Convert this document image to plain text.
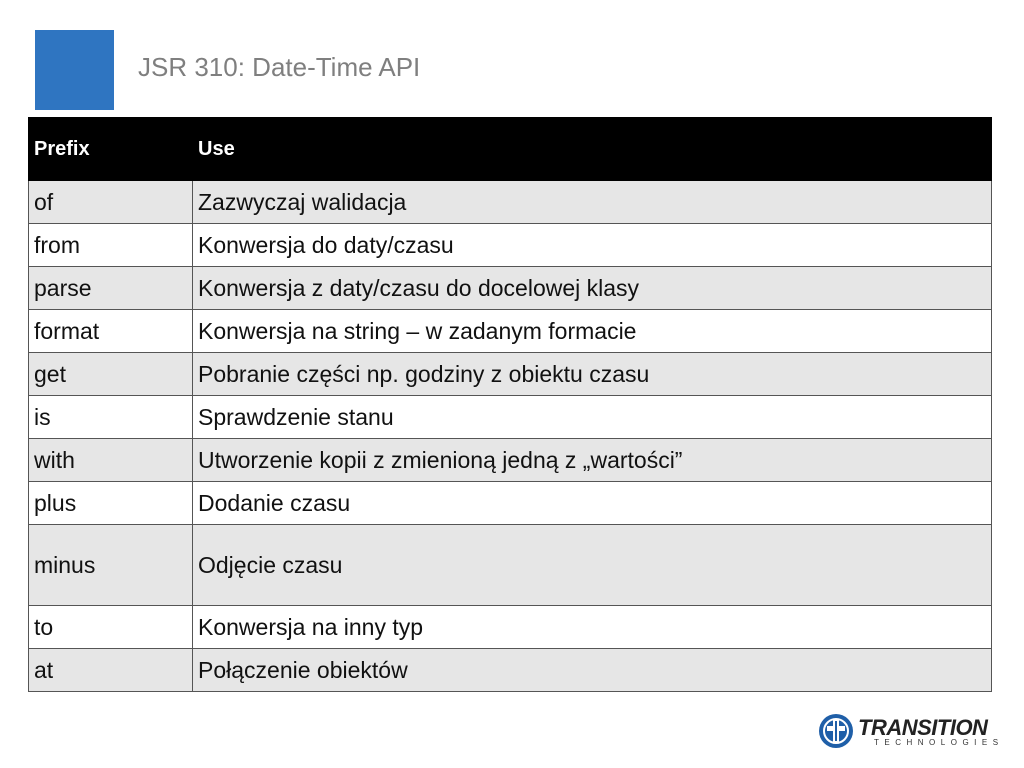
JSR 310: Date-Time API
Prefix	Use
of	Zazwyczaj walidacja
from	Konwersja do daty/czasu
parse	Konwersja z daty/czasu do docelowej klasy
format	Konwersja na string – w zadanym formacie
get	Pobranie części np. godziny z obiektu czasu
is	Sprawdzenie stanu
with	Utworzenie kopii z zmienioną jedną z „wartości”
plus	Dodanie czasu
minus	Odjęcie czasu
to	Konwersja na inny typ
at	Połączenie obiektów
TRANSITION
TECHNOLOGIES
